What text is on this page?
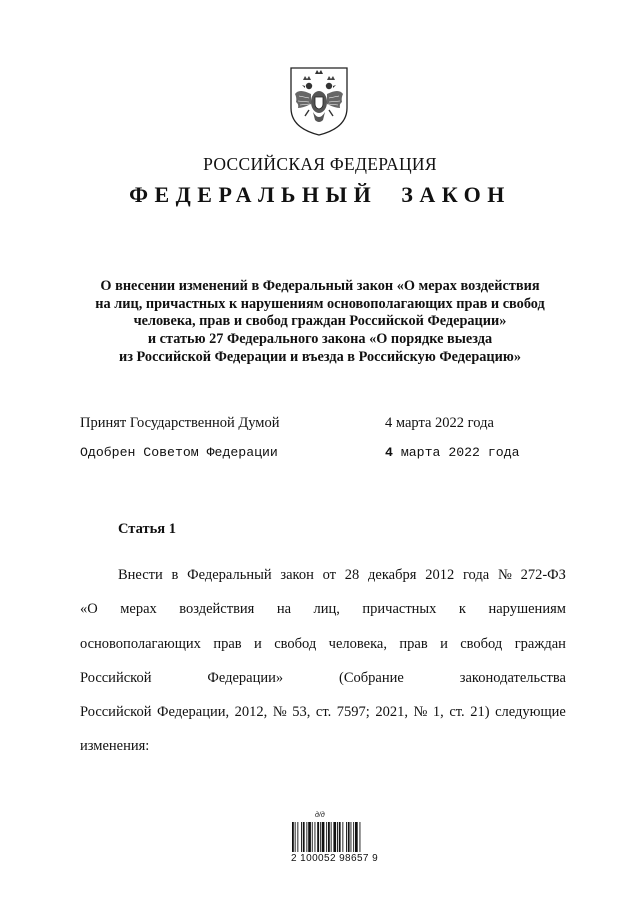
РОССИЙСКАЯ ФЕДЕРАЦИЯ
ФЕДЕРАЛЬНЫЙ ЗАКОН
О внесении изменений в Федеральный закон «О мерах воздействия
на лиц, причастных к нарушениям основополагающих прав и свобод
человека, прав и свобод граждан Российской Федерации»
и статью 27 Федерального закона «О порядке выезда
из Российской Федерации и въезда в Российскую Федерацию»
Принят Государственной Думой	4 марта 2022 года
Одобрен Советом Федерации	4 марта 2022 года
Статья 1
Внести в Федеральный закон от 28 декабря 2012 года № 272-ФЗ
«О мерах воздействия на лиц, причастных к нарушениям
основополагающих прав и свобод человека, прав и свобод граждан
Российской	Федерации»	(Собрание	законодательства
Российской Федерации, 2012, № 53, ст. 7597; 2021, № 1, ст. 21) следующие
изменения:
д/д
2 100052 98657 9
